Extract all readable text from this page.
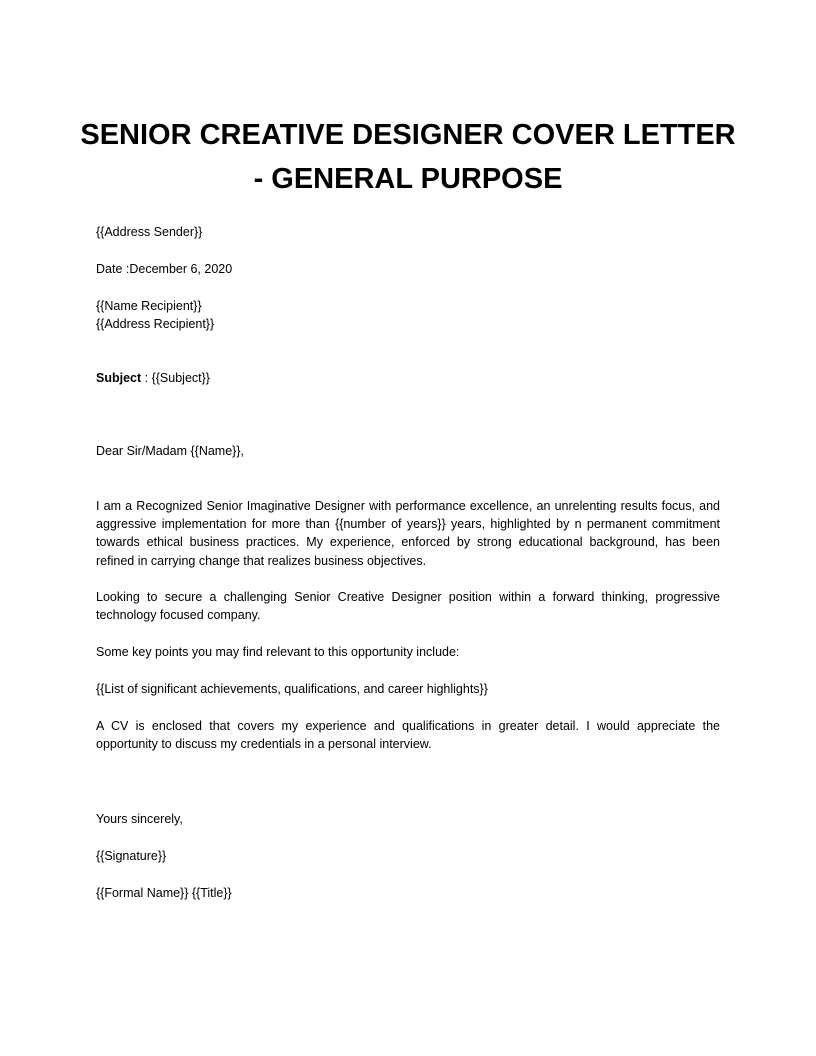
SENIOR CREATIVE DESIGNER COVER LETTER
- GENERAL PURPOSE

{{Address Sender}}

Date :December 6, 2020

{{Name Recipient}}

{{Address Recipient}}

Subject : {{Subject}}

Dear Sir/Madam {{Name}},

I am a Recognized Senior Imaginative Designer with performance excellence, an unrelenting results focus, and aggressive implementation for more than {{number of years}} years, highlighted by n permanent commitment towards ethical business practices. My experience, enforced by strong educational background, has been refined in carrying change that realizes business objectives.

Looking to secure a challenging Senior Creative Designer position within a forward thinking, progressive technology focused company.

Some key points you may find relevant to this opportunity include:

{{List of significant achievements, qualifications, and career highlights}}

A CV is enclosed that covers my experience and qualifications in greater detail. I would appreciate the opportunity to discuss my credentials in a personal interview.

Yours sincerely,

{{Signature}}

{{Formal Name}} {{Title}}
